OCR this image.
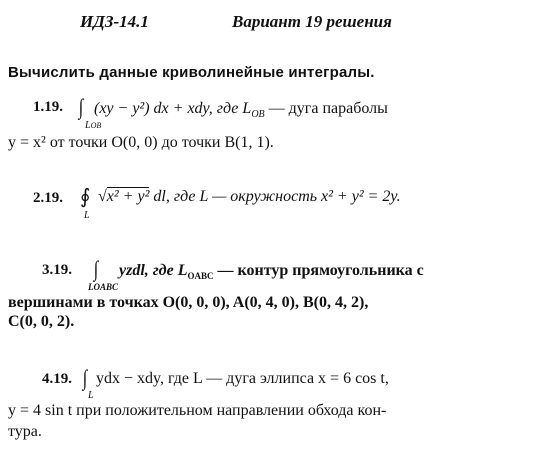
ИДЗ-14.1	Вариант 19 решения
Вычислить данные криволинейные интегралы.
1.19. ∫
LOB
(xy − y²) dx + xdy, где $L_{OB}$ — дуга параболы
y = x² от точки O(0, 0) до точки B(1, 1).
2.19. ∮
L
√x² + y² dl, где L — окружность x² + y² = 2y.
3.19. ∫
LOABC
yzdl, где $L_{OABC}$ — контур прямоугольника с
вершинами в точках O(0, 0, 0), A(0, 4, 0), B(0, 4, 2),
C(0, 0, 2).
4.19. ∫
L
ydx − xdy, где L — дуга эллипса x = 6 cos t,
y = 4 sin t при положительном направлении обхода кон-
тура.
